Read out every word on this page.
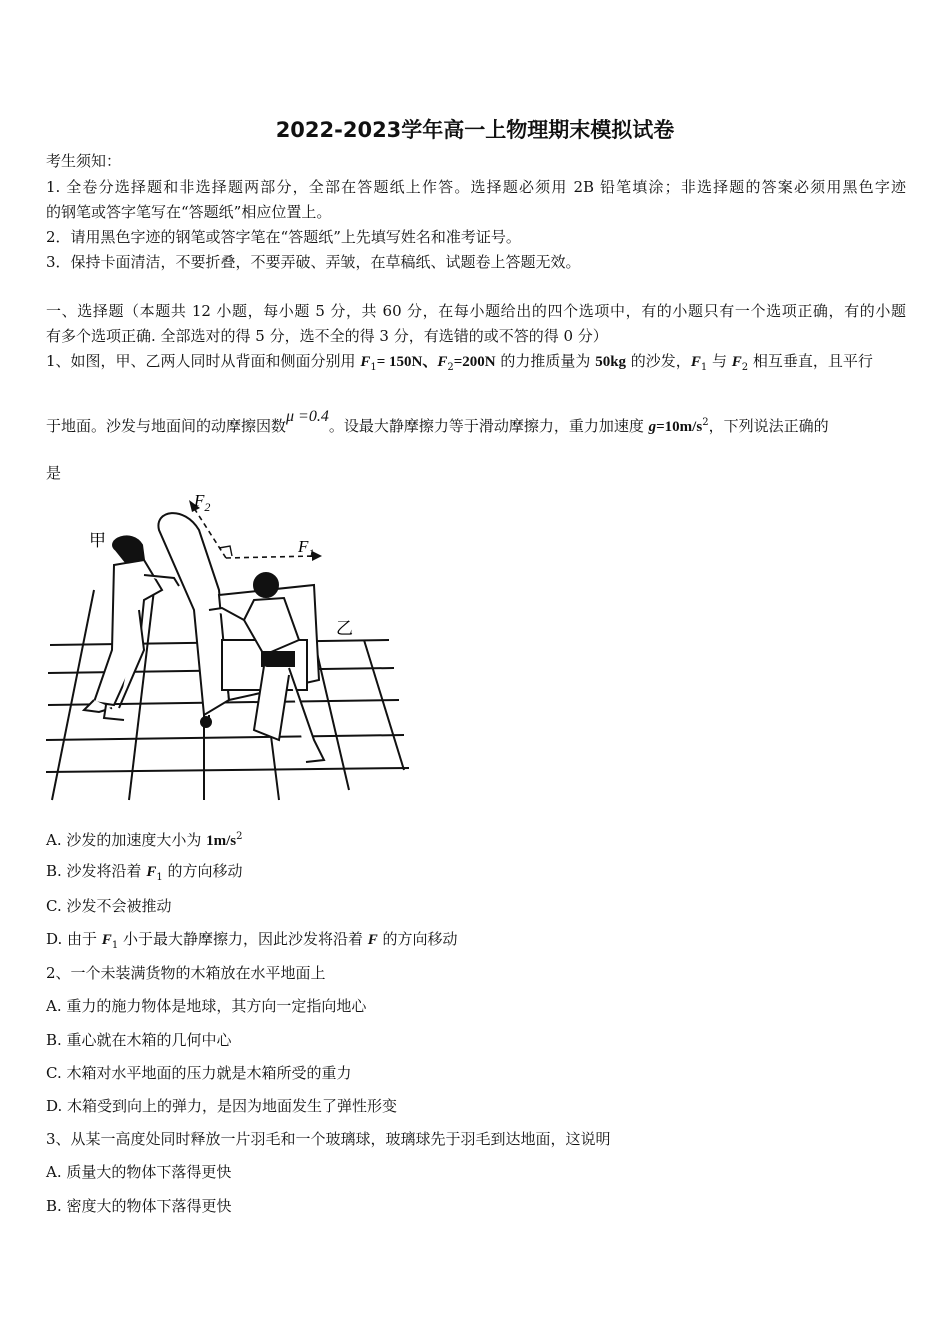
2022-2023学年高一上物理期末模拟试卷
考生须知：
1. 全卷分选择题和非选择题两部分，全部在答题纸上作答。选择题必须用 2B 铅笔填涂；非选择题的答案必须用黑色字迹
的钢笔或答字笔写在“答题纸”相应位置上。
2．请用黑色字迹的钢笔或答字笔在“答题纸”上先填写姓名和准考证号。
3．保持卡面清洁，不要折叠，不要弄破、弄皱，在草稿纸、试题卷上答题无效。
一、选择题（本题共 12 小题，每小题 5 分，共 60 分，在每小题给出的四个选项中，有的小题只有一个选项正确，有的小题
有多个选项正确. 全部选对的得 5 分，选不全的得 3 分，有选错的或不答的得 0 分）
1、如图，甲、乙两人同时从背面和侧面分别用 $F_1= 150N$、$F_2=200N$ 的力推质量为 50kg 的沙发，$F_1$ 与 $F_2$ 相互垂直，且平行
于地面。沙发与地面间的动摩擦因数μ =0.4。设最大静摩擦力等于滑动摩擦力，重力加速度 $g=10m/s^2$，下列说法正确的
是
甲
乙
$F_2$
$F_1$
A. 沙发的加速度大小为 $1m/s^2$
B. 沙发将沿着 $F_1$ 的方向移动
C. 沙发不会被推动
D. 由于 $F_1$ 小于最大静摩擦力，因此沙发将沿着 F 的方向移动
2、一个未装满货物的木箱放在水平地面上
A. 重力的施力物体是地球，其方向一定指向地心
B. 重心就在木箱的几何中心
C. 木箱对水平地面的压力就是木箱所受的重力
D. 木箱受到向上的弹力，是因为地面发生了弹性形变
3、从某一高度处同时释放一片羽毛和一个玻璃球，玻璃球先于羽毛到达地面，这说明
A. 质量大的物体下落得更快
B. 密度大的物体下落得更快
